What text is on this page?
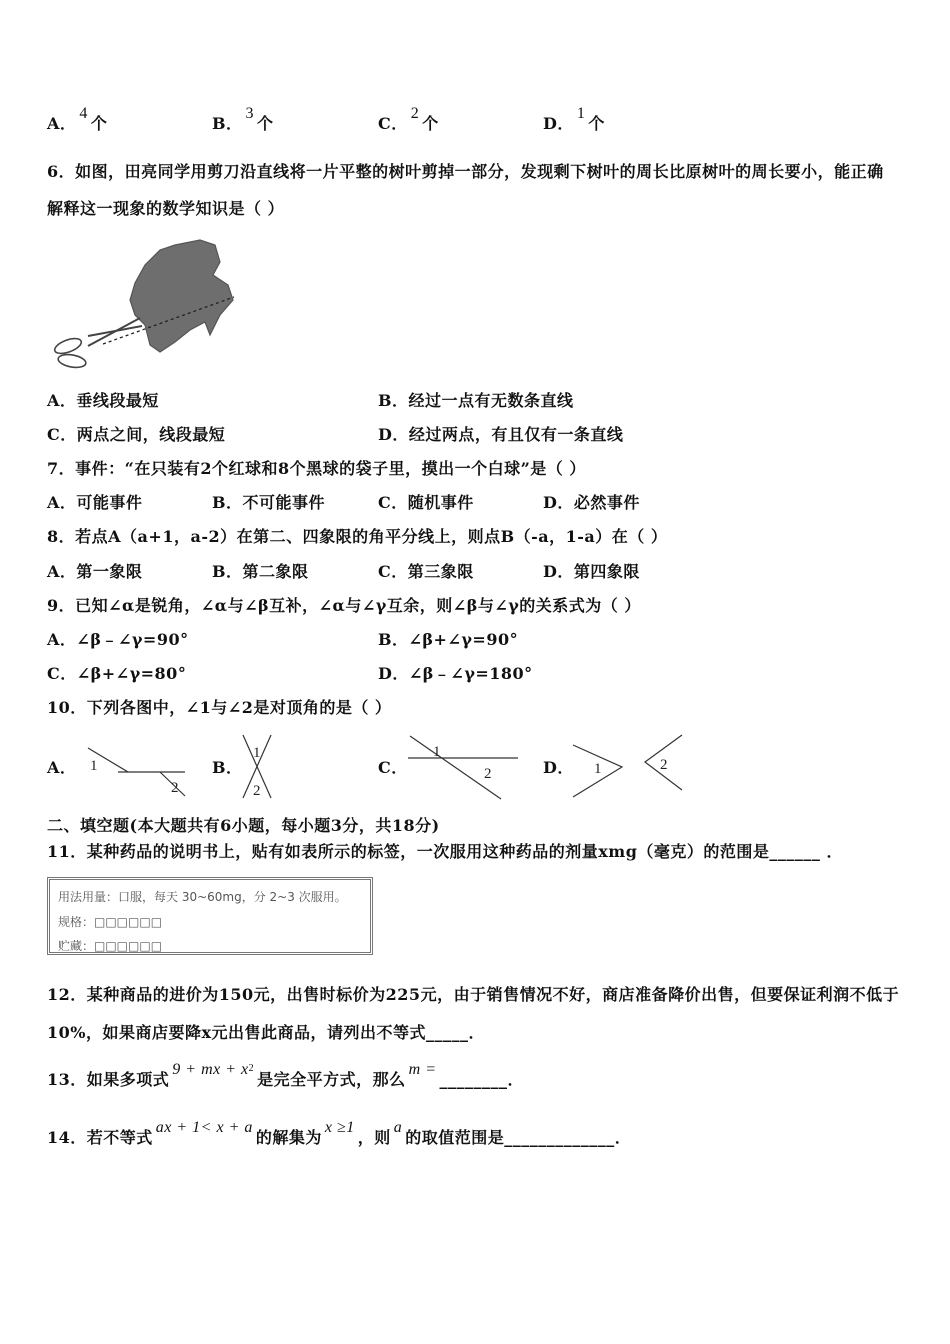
A．4个	B．3个	C．2个	D．1个
6．如图，田亮同学用剪刀沿直线将一片平整的树叶剪掉一部分，发现剩下树叶的周长比原树叶的周长要小，能正确
解释这一现象的数学知识是（ ）
A．垂线段最短	B．经过一点有无数条直线
C．两点之间，线段最短	D．经过两点，有且仅有一条直线
7．事件：“在只装有2个红球和8个黑球的袋子里，摸出一个白球”是（ ）
A．可能事件	B．不可能事件	C．随机事件	D．必然事件
8．若点A（a+1，a-2）在第二、四象限的角平分线上，则点B（-a，1-a）在（ ）
A．第一象限	B．第二象限	C．第三象限	D．第四象限
9．已知∠α是锐角，∠α与∠β互补，∠α与∠γ互余，则∠β与∠γ的关系式为（ ）
A．∠β﹣∠γ=90°	B．∠β+∠γ=90°
C．∠β+∠γ=80°	D．∠β﹣∠γ=180°
10．下列各图中，∠1与∠2是对顶角的是（ ）
A． 1
2
B．
1
2
C．
1
2	D． 1	2
二、填空题(本大题共有6小题，每小题3分，共18分)
11．某种药品的说明书上，贴有如表所示的标签，一次服用这种药品的剂量xmg（毫克）的范围是______ ．
用法用量：口服，每天 30~60mg，分 2~3 次服用。
规格：□□□□□□
贮藏：□□□□□□
12．某种商品的进价为150元，出售时标价为225元，由于销售情况不好，商店准备降价出售，但要保证利润不低于
10%，如果商店要降x元出售此商品，请列出不等式_____．
13．如果多项式9 + mx + $x^2$是完全平方式，那么m =________．
14．若不等式ax + 1< x + a的解集为x ≥1，则a的取值范围是_____________．
